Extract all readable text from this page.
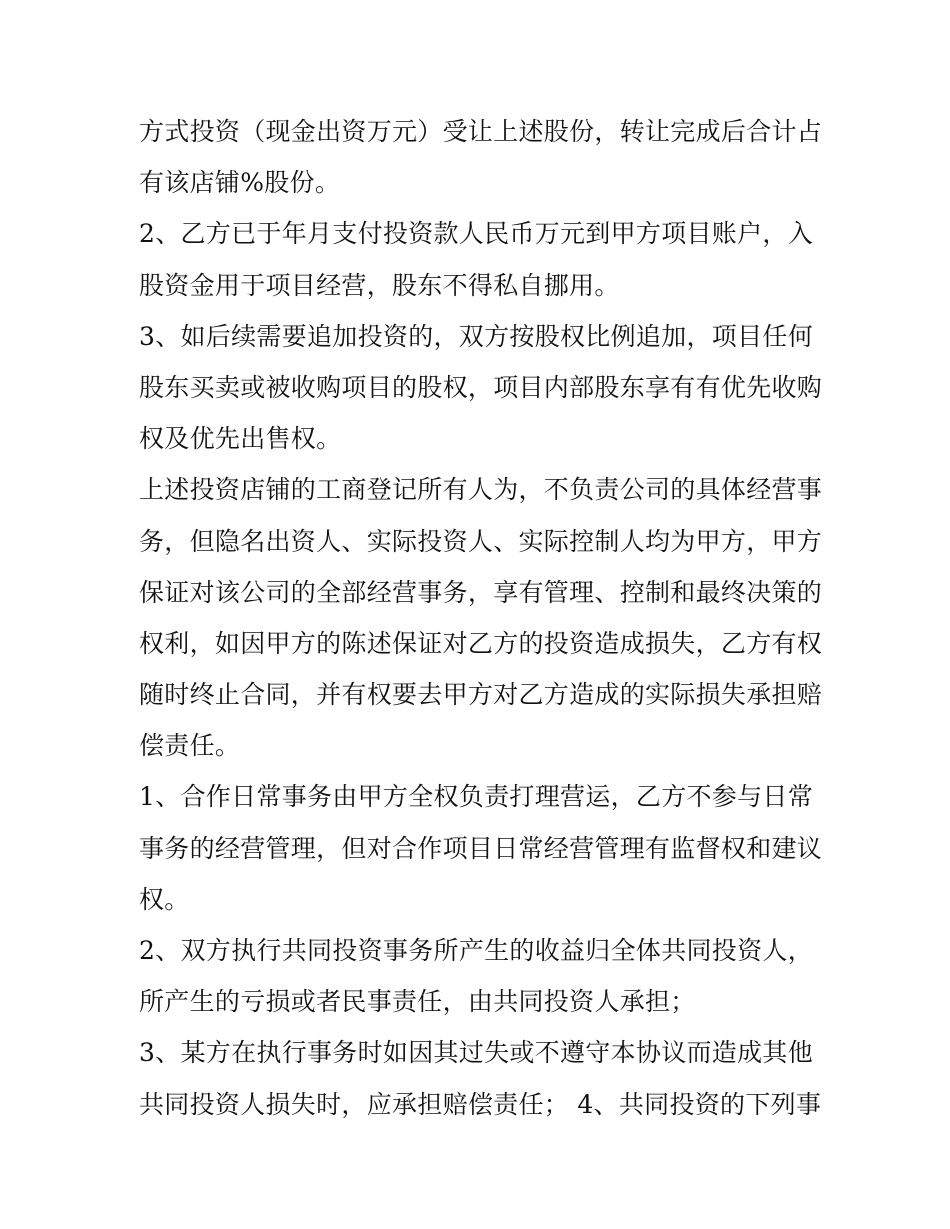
方式投资（现金出资万元）受让上述股份，转让完成后合计占
有该店铺%股份。
2、乙方已于年月支付投资款人民币万元到甲方项目账户，入
股资金用于项目经营，股东不得私自挪用。
3、如后续需要追加投资的，双方按股权比例追加，项目任何
股东买卖或被收购项目的股权，项目内部股东享有有优先收购
权及优先出售权。
上述投资店铺的工商登记所有人为，不负责公司的具体经营事
务，但隐名出资人、实际投资人、实际控制人均为甲方，甲方
保证对该公司的全部经营事务，享有管理、控制和最终决策的
权利，如因甲方的陈述保证对乙方的投资造成损失，乙方有权
随时终止合同，并有权要去甲方对乙方造成的实际损失承担赔
偿责任。
1、合作日常事务由甲方全权负责打理营运，乙方不参与日常
事务的经营管理，但对合作项目日常经营管理有监督权和建议
权。
2、双方执行共同投资事务所产生的收益归全体共同投资人，
所产生的亏损或者民事责任，由共同投资人承担；
3、某方在执行事务时如因其过失或不遵守本协议而造成其他
共同投资人损失时，应承担赔偿责任； 4、共同投资的下列事
